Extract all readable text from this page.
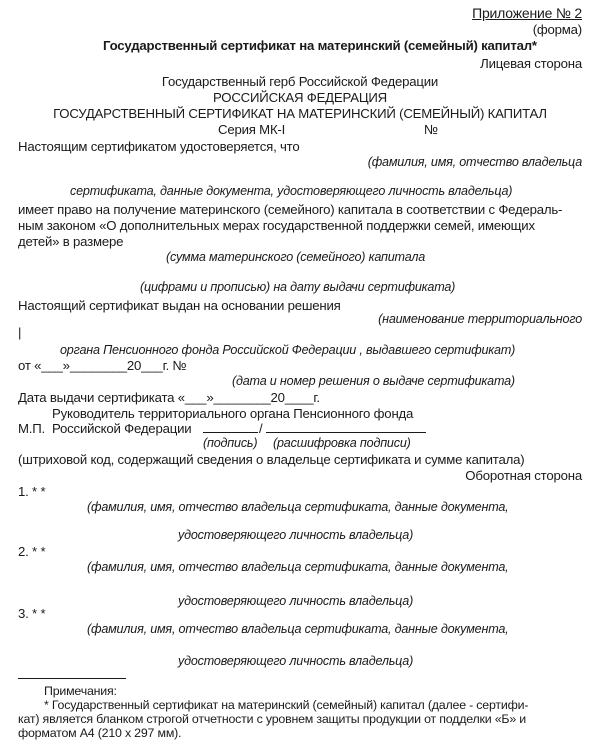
Приложение № 2
(форма)
Государственный сертификат на материнский (семейный) капитал*
Лицевая сторона
Государственный герб Российской Федерации
РОССИЙСКАЯ ФЕДЕРАЦИЯ
ГОСУДАРСТВЕННЫЙ СЕРТИФИКАТ НА МАТЕРИНСКИЙ (СЕМЕЙНЫЙ) КАПИТАЛ
Серия МК-I	№
Настоящим сертификатом удостоверяется, что
(фамилия, имя, отчество владельца
сертификата, данные документа, удостоверяющего личность владельца)
имеет право на получение материнского (семейного) капитала в соответствии с Федераль-
ным законом «О дополнительных мерах государственной поддержки семей, имеющих
детей» в размере
(сумма материнского (семейного) капитала
(цифрами и прописью) на дату выдачи сертификата)
Настоящий сертификат выдан на основании решения
(наименование территориального
|
органа Пенсионного фонда Российской Федерации , выдавшего сертификат)
от «___»________20___г. №
(дата и номер решения о выдаче сертификата)
Дата выдачи сертификата «___»________20____г.
Руководитель территориального органа Пенсионного фонда
М.П. Российской Федерации	/
(подпись) (расшифровка подписи)
(штриховой код, содержащий сведения о владельце сертификата и сумме капитала)
Оборотная сторона
1. * *
(фамилия, имя, отчество владельца сертификата, данные документа,
удостоверяющего личность владельца)
2. * *
(фамилия, имя, отчество владельца сертификата, данные документа,
удостоверяющего личность владельца)
3. * *
(фамилия, имя, отчество владельца сертификата, данные документа,
удостоверяющего личность владельца)
Примечания:
* Государственный сертификат на материнский (семейный) капитал (далее - сертифи-
кат) является бланком строгой отчетности с уровнем защиты продукции от подделки «Б» и
форматом А4 (210 х 297 мм).
